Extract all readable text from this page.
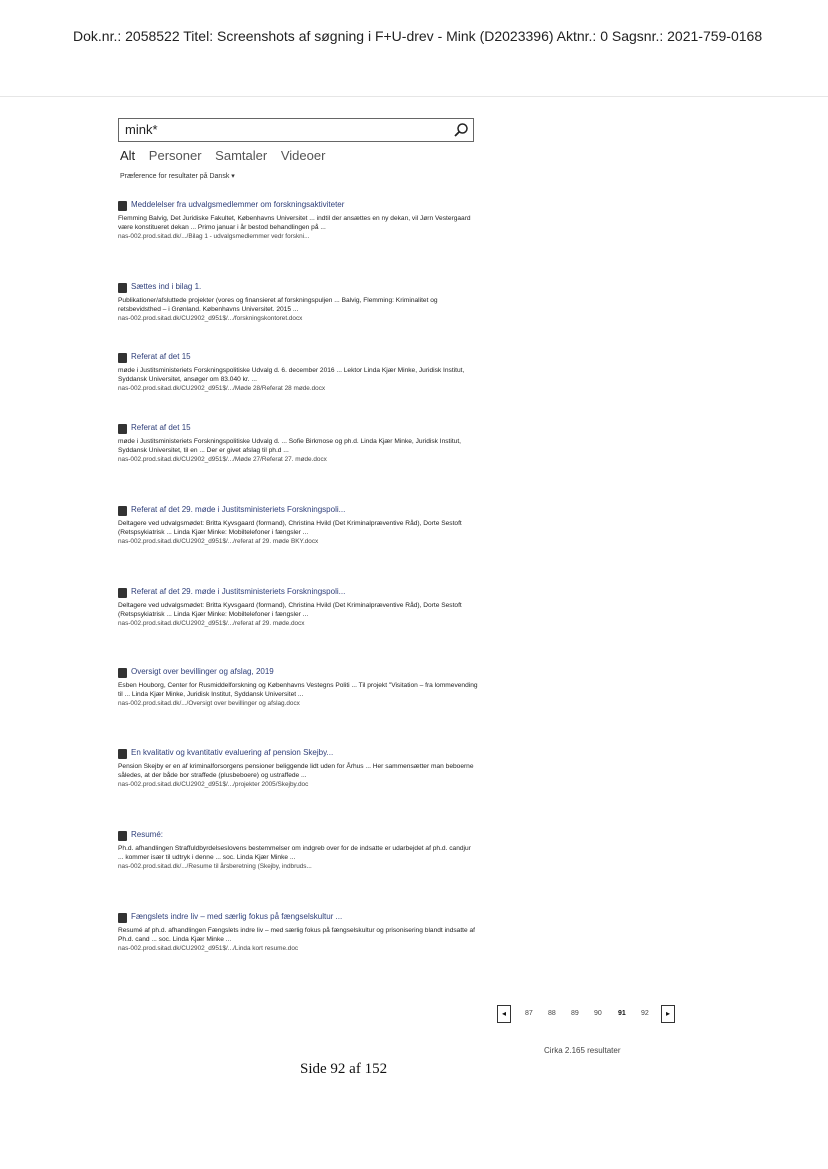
Dok.nr.: 2058522 Titel: Screenshots af søgning i F+U-drev - Mink (D2023396) Aktnr.: 0 Sagsnr.: 2021-759-0168
mink*
Alt Personer Samtaler Videoer
Præference for resultater på Dansk ▾
Meddelelser fra udvalgsmedlemmer om forskningsaktiviteter
Flemming Balvig, Det Juridiske Fakultet, Københavns Universitet ... indtil der ansættes en ny dekan, vil Jørn Vestergaard være konstitueret dekan ... Primo januar i år bestod behandlingen på ...
nas-002.prod.sitad.dk/.../Bilag 1 - udvalgsmedlemmer vedr forskni...
Sættes ind i bilag 1.
Publikationer/afsluttede projekter (vores og finansieret af forskningspuljen ... Balvig, Flemming: Kriminalitet og retsbevidsthed – i Grønland. Københavns Universitet. 2015 ...
nas-002.prod.sitad.dk/CU2902_d951$/.../forskningskontoret.docx
Referat af det 15
møde i Justitsministeriets Forskningspolitiske Udvalg d. 6. december 2016 ... Lektor Linda Kjær Minke, Juridisk Institut, Syddansk Universitet, ansøger om 83.040 kr. ...
nas-002.prod.sitad.dk/CU2902_d951$/.../Møde 28/Referat 28 møde.docx
Referat af det 15
møde i Justitsministeriets Forskningspolitiske Udvalg d. ... Sofie Birkmose og ph.d. Linda Kjær Minke, Juridisk Institut, Syddansk Universitet, til en ... Der er givet afslag til ph.d ...
nas-002.prod.sitad.dk/CU2902_d951$/.../Møde 27/Referat 27. møde.docx
Referat af det 29. møde i Justitsministeriets Forskningspoli...
Deltagere ved udvalgsmødet: Britta Kyvsgaard (formand), Christina Hvild (Det Kriminalpræventive Råd), Dorte Sestoft (Retspsykiatrisk ... Linda Kjær Minke: Mobiltelefoner i fængsler ...
nas-002.prod.sitad.dk/CU2902_d951$/.../referat af 29. møde BKY.docx
Referat af det 29. møde i Justitsministeriets Forskningspoli...
Deltagere ved udvalgsmødet: Britta Kyvsgaard (formand), Christina Hvild (Det Kriminalpræventive Råd), Dorte Sestoft (Retspsykiatrisk ... Linda Kjær Minke: Mobiltelefoner i fængsler ...
nas-002.prod.sitad.dk/CU2902_d951$/.../referat af 29. møde.docx
Oversigt over bevillinger og afslag, 2019
Esben Houborg, Center for Rusmiddelforskning og Københavns Vestegns Politi ... Til projekt "Visitation – fra lommevending til ... Linda Kjær Minke, Juridisk Institut, Syddansk Universitet ...
nas-002.prod.sitad.dk/.../Oversigt over bevillinger og afslag.docx
En kvalitativ og kvantitativ evaluering af pension Skejby...
Pension Skejby er en af kriminalforsorgens pensioner beliggende lidt uden for Århus ... Her sammensætter man beboerne således, at der både bor straffede (plusbeboere) og ustraffede ...
nas-002.prod.sitad.dk/CU2902_d951$/.../projekter 2005/Skejby.doc
Resumé:
Ph.d. afhandlingen Straffuldbyrdelseslovens bestemmelser om indgreb over for de indsatte er udarbejdet af ph.d. candjur ... kommer især til udtryk i denne ... soc. Linda Kjær Minke ...
nas-002.prod.sitad.dk/.../Resume til årsberetning (Skejby, indbruds...
Fængslets indre liv – med særlig fokus på fængselskultur ...
Resumé af ph.d. afhandlingen Fængslets indre liv – med særlig fokus på fængselskultur og prisonisering blandt indsatte af Ph.d. cand ... soc. Linda Kjær Minke ...
nas-002.prod.sitad.dk/CU2902_d951$/.../Linda kort resume.doc
◂	87 88 89 90 91 92	▸
Cirka 2.165 resultater
Side 92 af 152
